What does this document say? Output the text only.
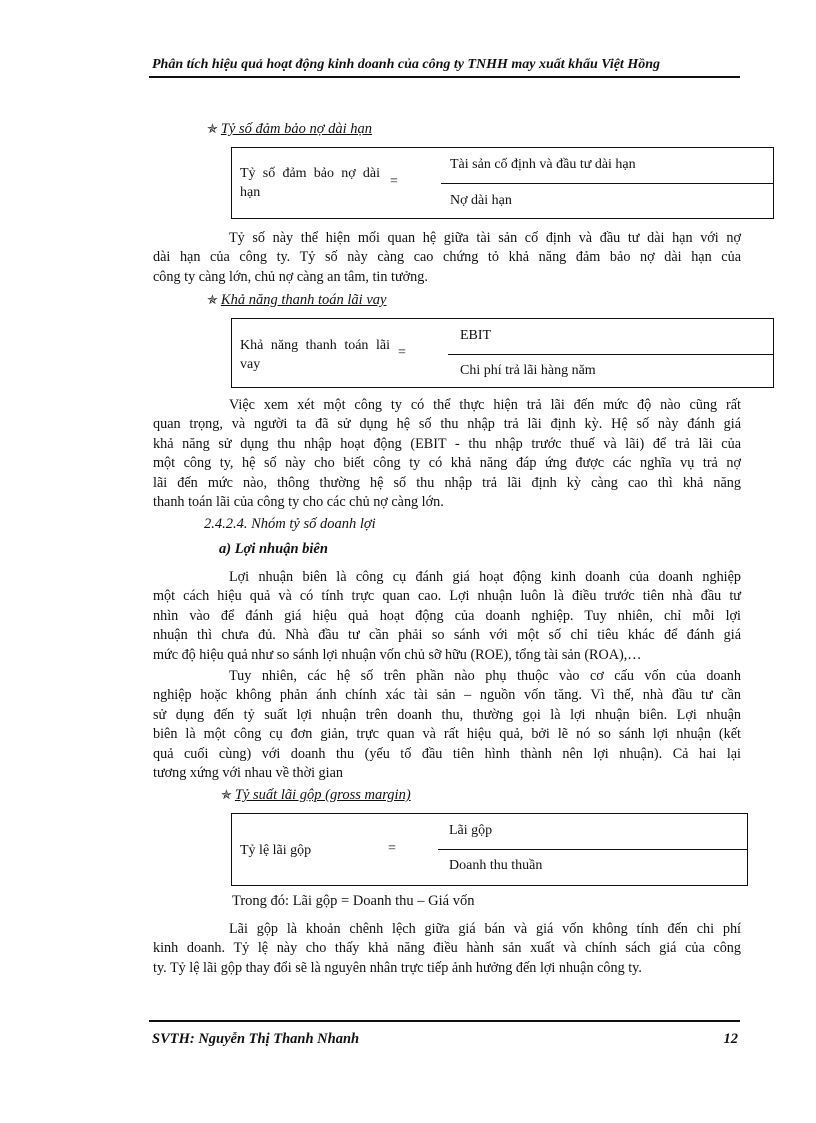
Phân tích hiệu quả hoạt động kinh doanh của công ty TNHH may xuất khẩu Việt Hồng
✯ Tỷ số đảm bảo nợ dài hạn
Tỷ số đảm bảo nợ dài hạn
=
Tài sản cố định và đầu tư dài hạn
Nợ dài hạn
Tỷ số này thể hiện mối quan hệ giữa tài sản cố định và đầu tư dài hạn với nợ
dài hạn của công ty. Tỷ số này càng cao chứng tỏ khả năng đảm bảo nợ dài hạn của
công ty càng lớn, chủ nợ càng an tâm, tin tưởng.
✯ Khả năng thanh toán lãi vay
Khả năng thanh toán lãi vay
=
EBIT
Chi phí trả lãi hàng năm
Việc xem xét một công ty có thể thực hiện trả lãi đến mức độ nào cũng rất
quan trọng, và người ta đã sử dụng hệ số thu nhập trả lãi định kỳ. Hệ số này đánh giá
khả năng sử dụng thu nhập hoạt động (EBIT - thu nhập trước thuế và lãi) để trả lãi của
một công ty, hệ số này cho biết công ty có khả năng đáp ứng được các nghĩa vụ trả nợ
lãi đến mức nào, thông thường hệ số thu nhập trả lãi định kỳ càng cao thì khả năng
thanh toán lãi của công ty cho các chủ nợ càng lớn.
2.4.2.4. Nhóm tỷ số doanh lợi
a) Lợi nhuận biên
Lợi nhuận biên là công cụ đánh giá hoạt động kinh doanh của doanh nghiệp
một cách hiệu quả và có tính trực quan cao. Lợi nhuận luôn là điều trước tiên nhà đầu tư
nhìn vào để đánh giá hiệu quả hoạt động của doanh nghiệp. Tuy nhiên, chỉ mỗi lợi
nhuận thì chưa đủ. Nhà đầu tư cần phải so sánh với một số chỉ tiêu khác để đánh giá
mức độ hiệu quả như so sánh lợi nhuận vốn chủ sỡ hữu (ROE), tổng tài sản (ROA),…
Tuy nhiên, các hệ số trên phần nào phụ thuộc vào cơ cấu vốn của doanh
nghiệp hoặc không phản ánh chính xác tài sản – nguồn vốn tăng. Vì thế, nhà đầu tư cần
sử dụng đến tỷ suất lợi nhuận trên doanh thu, thường gọi là lợi nhuận biên. Lợi nhuận
biên là một công cụ đơn giản, trực quan và rất hiệu quả, bởi lẽ nó so sánh lợi nhuận (kết
quả cuối cùng) với doanh thu (yếu tố đầu tiên hình thành nên lợi nhuận). Cả hai lại
tương xứng với nhau về thời gian
✯ Tỷ suất lãi gộp (gross margin)
Tỷ lệ lãi gộp	=
Lãi gộp
Doanh thu thuần
Trong đó: Lãi gộp = Doanh thu – Giá vốn
Lãi gộp là khoản chênh lệch giữa giá bán và giá vốn không tính đến chi phí
kinh doanh. Tỷ lệ này cho thấy khả năng điều hành sản xuất và chính sách giá của công
ty. Tỷ lệ lãi gộp thay đổi sẽ là nguyên nhân trực tiếp ảnh hưởng đến lợi nhuận công ty.
SVTH: Nguyễn Thị Thanh Nhanh	12
